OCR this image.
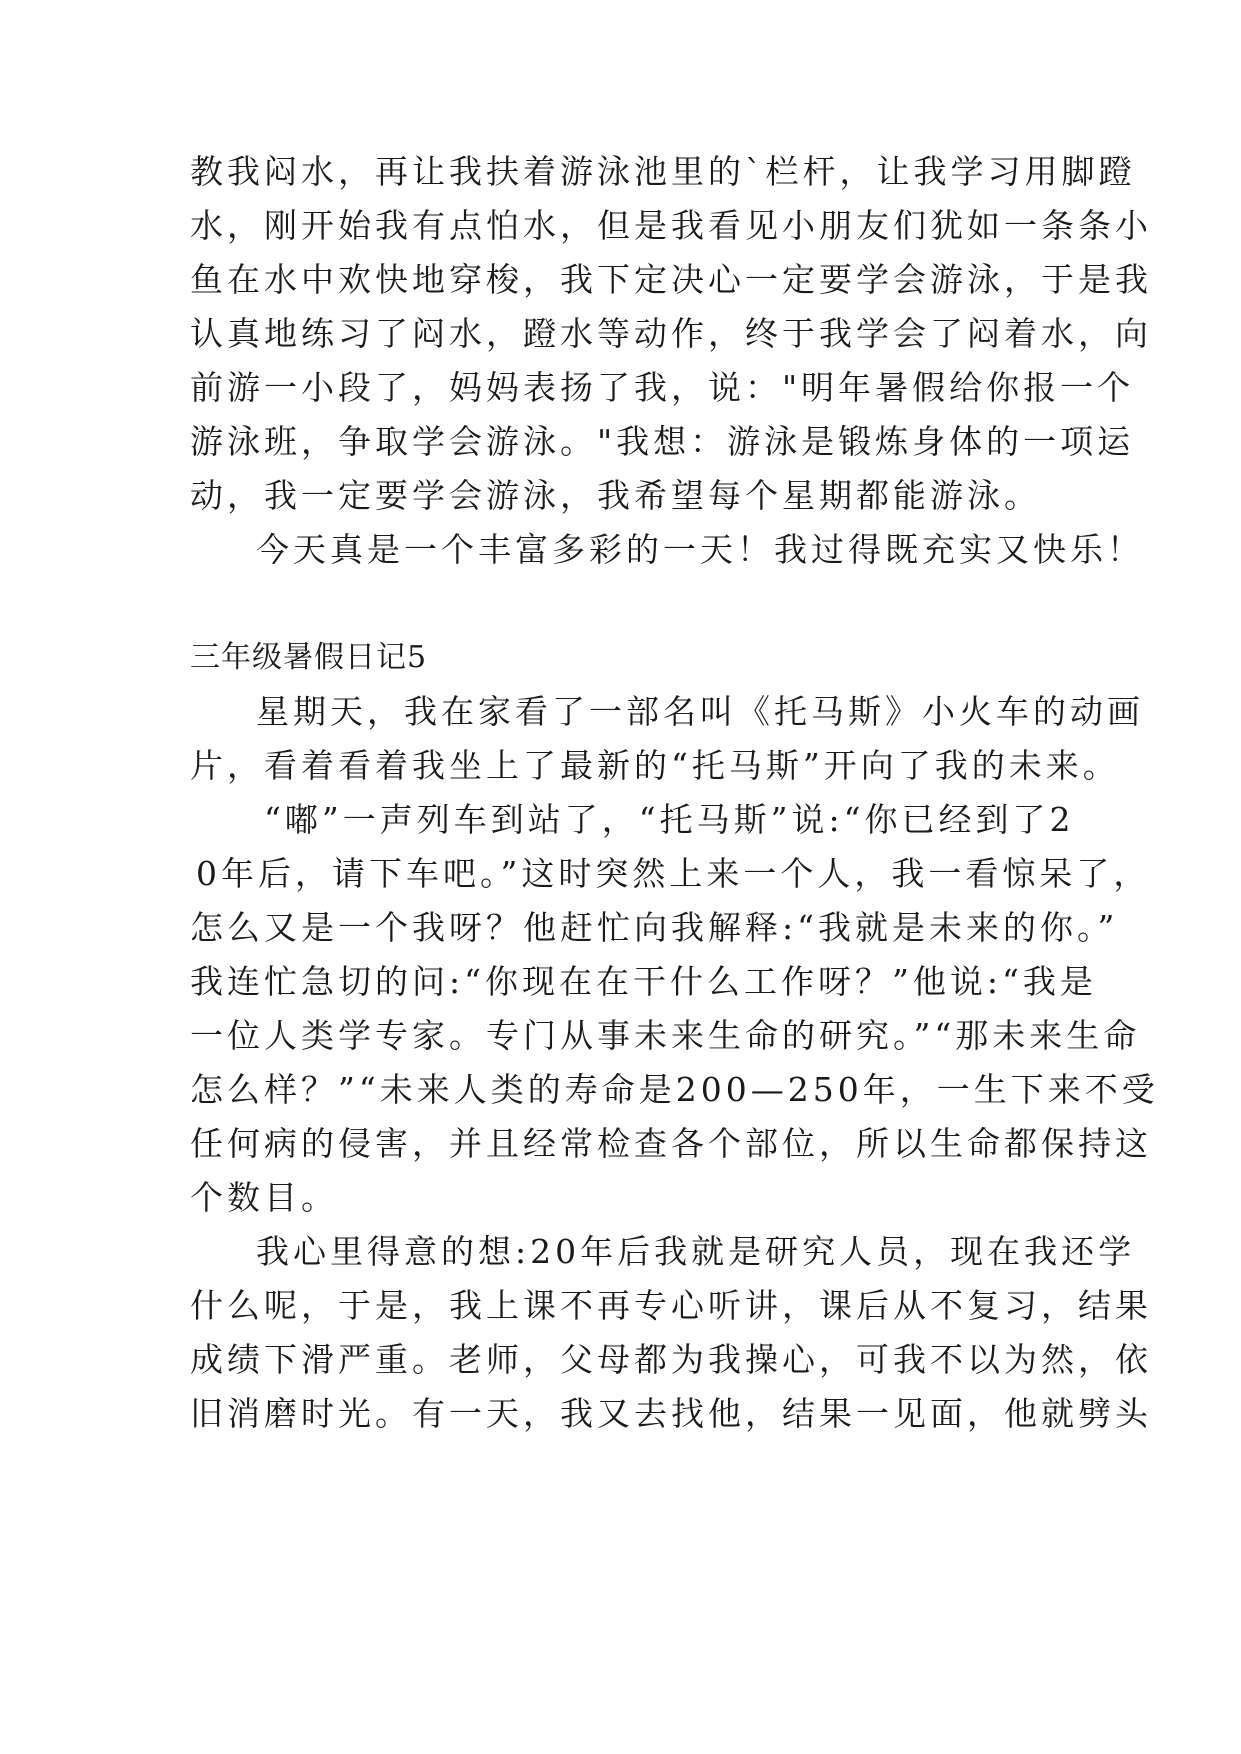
教我闷水，再让我扶着游泳池里的`栏杆，让我学习用脚蹬
水，刚开始我有点怕水，但是我看见小朋友们犹如一条条小
鱼在水中欢快地穿梭，我下定决心一定要学会游泳，于是我
认真地练习了闷水，蹬水等动作，终于我学会了闷着水，向
前游一小段了，妈妈表扬了我，说："明年暑假给你报一个
游泳班，争取学会游泳。"我想：游泳是锻炼身体的一项运
动，我一定要学会游泳，我希望每个星期都能游泳。
今天真是一个丰富多彩的一天！我过得既充实又快乐！
三年级暑假日记5
星期天，我在家看了一部名叫《托马斯》小火车的动画
片，看着看着我坐上了最新的“托马斯”开向了我的未来。
“嘟”一声列车到站了，“托马斯”说:“你已经到了2
0年后，请下车吧。”这时突然上来一个人，我一看惊呆了，
怎么又是一个我呀？他赶忙向我解释:“我就是未来的你。”
我连忙急切的问:“你现在在干什么工作呀？”他说:“我是
一位人类学专家。专门从事未来生命的研究。”“那未来生命
怎么样？”“未来人类的寿命是200—250年，一生下来不受
任何病的侵害，并且经常检查各个部位，所以生命都保持这
个数目。
我心里得意的想:20年后我就是研究人员，现在我还学
什么呢，于是，我上课不再专心听讲，课后从不复习，结果
成绩下滑严重。老师，父母都为我操心，可我不以为然，依
旧消磨时光。有一天，我又去找他，结果一见面，他就劈头
